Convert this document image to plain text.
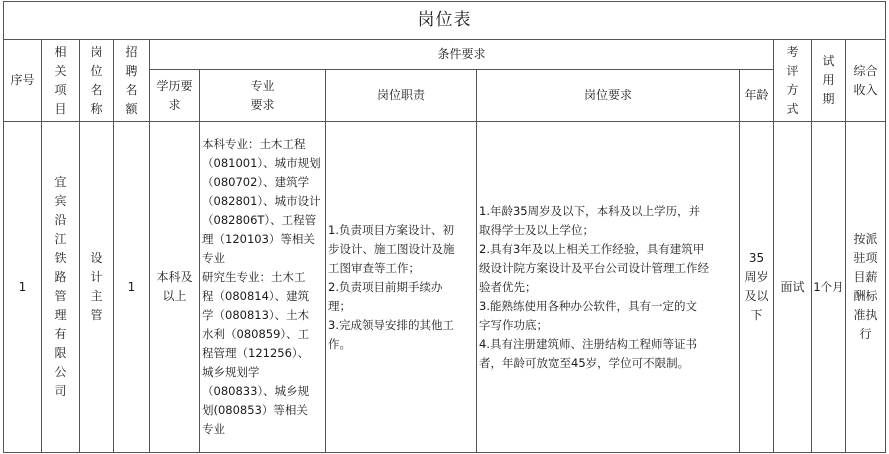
岗位表
序号
相关项目
岗位名称
招聘名额
条件要求
学历要求
专业要求
岗位职责	岗位要求	年龄
考评方式
试用期
综合收入
1
宜宾沿江铁路管理有限公司
设计主管
1
本科及以上
本科专业：土木工程
（081001）、城市规划
（080702）、建筑学
（082801）、城市设计
（082806T）、工程管
理（120103）等相关
专业
研究生专业：土木工
程（080814）、建筑
学（080813）、土木
水利（080859）、工
程管理（121256）、
城乡规划学
（080833）、城乡规
划(080853）等相关
专业
1.负责项目方案设计、初
步设计、施工图设计及施
工图审查等工作；
2.负责项目前期手续办
理；
3.完成领导安排的其他工
作。
1.年龄35周岁及以下，本科及以上学历，并
取得学士及以上学位；
2.具有3年及以上相关工作经验，具有建筑甲
级设计院方案设计及平台公司设计管理工作经
验者优先；
3.能熟练使用各种办公软件，具有一定的文
字写作功底；
4.具有注册建筑师、注册结构工程师等证书
者，年龄可放宽至45岁，学位可不限制。
35周岁及以下
面试 1个月
按派驻项目薪酬标准执行
